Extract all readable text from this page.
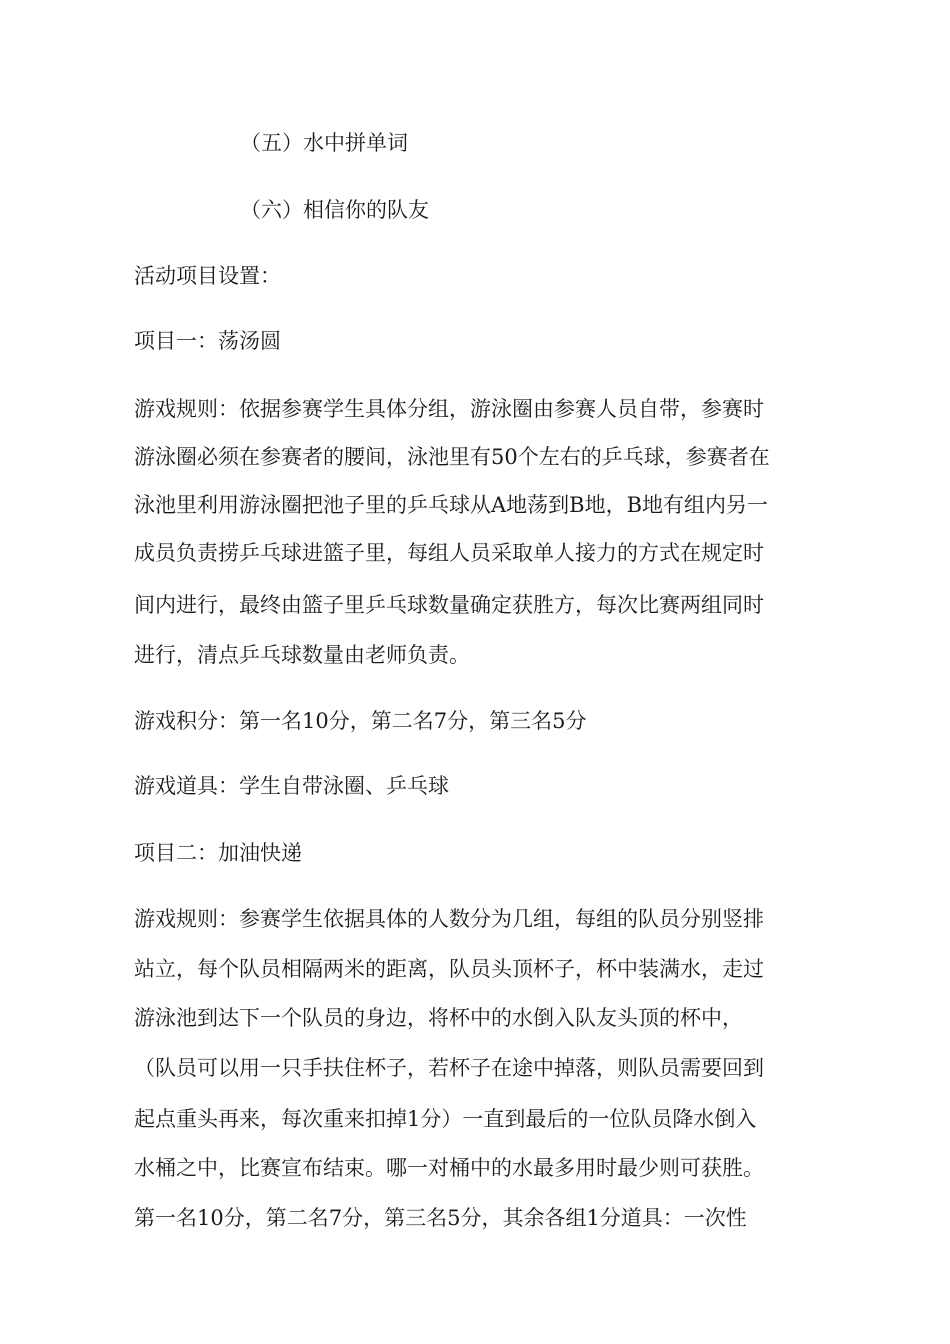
（五）水中拼单词
（六）相信你的队友
活动项目设置：
项目一：荡汤圆
游戏规则：依据参赛学生具体分组，游泳圈由参赛人员自带，参赛时
游泳圈必须在参赛者的腰间，泳池里有50个左右的乒乓球，参赛者在
泳池里利用游泳圈把池子里的乒乓球从A地荡到B地，B地有组内另一
成员负责捞乒乓球进篮子里，每组人员采取单人接力的方式在规定时
间内进行，最终由篮子里乒乓球数量确定获胜方，每次比赛两组同时
进行，清点乒乓球数量由老师负责。
游戏积分：第一名10分，第二名7分，第三名5分
游戏道具：学生自带泳圈、乒乓球
项目二：加油快递
游戏规则：参赛学生依据具体的人数分为几组，每组的队员分别竖排
站立，每个队员相隔两米的距离，队员头顶杯子，杯中装满水，走过
游泳池到达下一个队员的身边，将杯中的水倒入队友头顶的杯中，
（队员可以用一只手扶住杯子，若杯子在途中掉落，则队员需要回到
起点重头再来，每次重来扣掉1分）一直到最后的一位队员降水倒入
水桶之中，比赛宣布结束。哪一对桶中的水最多用时最少则可获胜。
第一名10分，第二名7分，第三名5分，其余各组1分道具：一次性
